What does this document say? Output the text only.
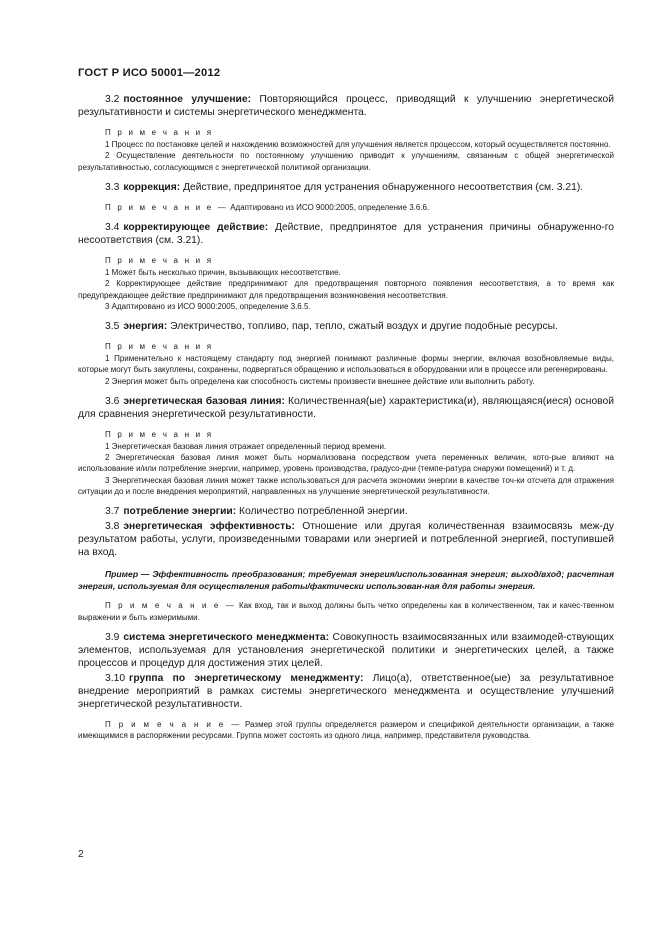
ГОСТ Р ИСО 50001—2012

3.2 постоянное улучшение: Повторяющийся процесс, приводящий к улучшению энергетической результативности и системы энергетического менеджмента.

П р и м е ч а н и я

1 Процесс по постановке целей и нахождению возможностей для улучшения является процессом, который осуществляется постоянно.

2 Осуществление деятельности по постоянному улучшению приводит к улучшениям, связанным с общей энергетической результативностью, согласующимся с энергетической политикой организации.

3.3 коррекция: Действие, предпринятое для устранения обнаруженного несоответствия (см. 3.21).

П р и м е ч а н и е — Адаптировано из ИСО 9000:2005, определение 3.6.6.

3.4 корректирующее действие: Действие, предпринятое для устранения причины обнаруженно-го несоответствия (см. 3.21).

П р и м е ч а н и я

1 Может быть несколько причин, вызывающих несоответствие.

2 Корректирующее действие предпринимают для предотвращения повторного появления несоответствия, а то время как предупреждающее действие предпринимают для предотвращения возникновения несоответствия.

3 Адаптировано из ИСО 9000:2005, определение 3.6.5.

3.5 энергия: Электричество, топливо, пар, тепло, сжатый воздух и другие подобные ресурсы.

П р и м е ч а н и я

1 Применительно к настоящему стандарту под энергией понимают различные формы энергии, включая возобновляемые виды, которые могут быть закуплены, сохранены, подвергаться обращению и использоваться в оборудовании или в процессе или регенерированы.

2 Энергия может быть определена как способность системы произвести внешнее действие или выполнить работу.

3.6 энергетическая базовая линия: Количественная(ые) характеристика(и), являющаяся(иеся) основой для сравнения энергетической результативности.

П р и м е ч а н и я

1 Энергетическая базовая линия отражает определенный период времени.

2 Энергетическая базовая линия может быть нормализована посредством учета переменных величин, кото-рые влияют на использование и/или потребление энергии, например, уровень производства, градусо-дни (темпе-ратура снаружи помещений) и т. д.

3 Энергетическая базовая линия может также использоваться для расчета экономии энергии в качестве точ-ки отсчета для отражения ситуации до и после внедрения мероприятий, направленных на улучшение энергетической результативности.

3.7 потребление энергии: Количество потребленной энергии.

3.8 энергетическая эффективность: Отношение или другая количественная взаимосвязь меж-ду результатом работы, услуги, произведенными товарами или энергией и потребленной энергией, поступившей на вход.

Пример — Эффективность преобразования; требуемая энергия/использованная энергия; выход/вход; расчетная энергия, используемая для осуществления работы/фактически использован-ная для работы энергия.

П р и м е ч а н и е — Как вход, так и выход должны быть четко определены как в количественном, так и качес-твенном выражении и быть измеримыми.

3.9 система энергетического менеджмента: Совокупность взаимосвязанных или взаимодей-ствующих элементов, используемая для установления энергетической политики и энергетических целей, а также процессов и процедур для достижения этих целей.

3.10 группа по энергетическому менеджменту: Лицо(а), ответственное(ые) за результативное внедрение мероприятий в рамках системы энергетического менеджмента и осуществление улучшений энергетической результативности.

П р и м е ч а н и е — Размер этой группы определяется размером и спецификой деятельности организации, а также имеющимися в распоряжении ресурсами. Группа может состоять из одного лица, например, представителя руководства.

2
